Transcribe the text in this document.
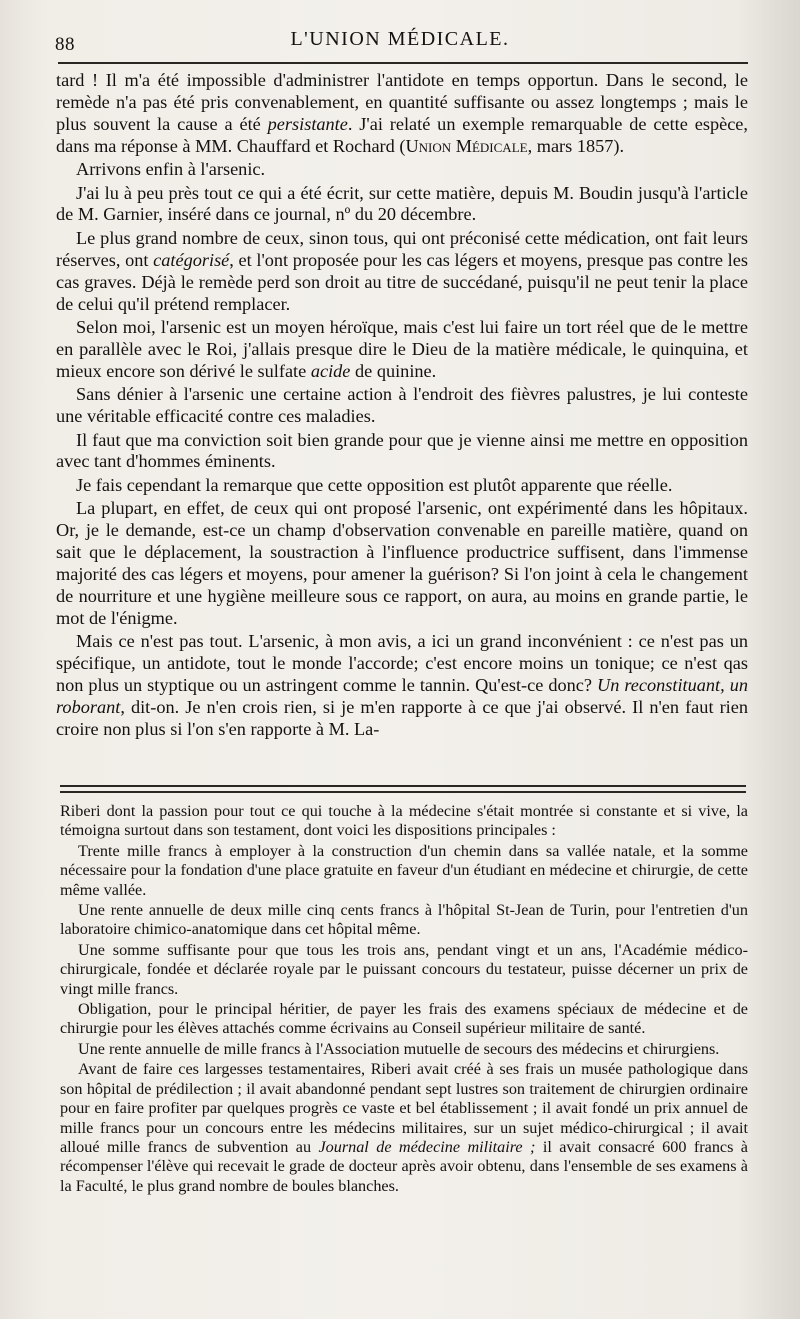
88	L'UNION MÉDICALE.

tard ! Il m'a été impossible d'administrer l'antidote en temps opportun. Dans le second, le remède n'a pas été pris convenablement, en quantité suffisante ou assez longtemps ; mais le plus souvent la cause a été persistante. J'ai relaté un exemple remarquable de cette espèce, dans ma réponse à MM. Chauffard et Rochard (Union Médicale, mars 1857).

Arrivons enfin à l'arsenic.

J'ai lu à peu près tout ce qui a été écrit, sur cette matière, depuis M. Boudin jusqu'à l'article de M. Garnier, inséré dans ce journal, nº du 20 décembre.

Le plus grand nombre de ceux, sinon tous, qui ont préconisé cette médication, ont fait leurs réserves, ont catégorisé, et l'ont proposée pour les cas légers et moyens, presque pas contre les cas graves. Déjà le remède perd son droit au titre de succédané, puisqu'il ne peut tenir la place de celui qu'il prétend remplacer.

Selon moi, l'arsenic est un moyen héroïque, mais c'est lui faire un tort réel que de le mettre en parallèle avec le Roi, j'allais presque dire le Dieu de la matière médicale, le quinquina, et mieux encore son dérivé le sulfate acide de quinine.

Sans dénier à l'arsenic une certaine action à l'endroit des fièvres palustres, je lui conteste une véritable efficacité contre ces maladies.

Il faut que ma conviction soit bien grande pour que je vienne ainsi me mettre en opposition avec tant d'hommes éminents.

Je fais cependant la remarque que cette opposition est plutôt apparente que réelle.

La plupart, en effet, de ceux qui ont proposé l'arsenic, ont expérimenté dans les hôpitaux. Or, je le demande, est-ce un champ d'observation convenable en pareille matière, quand on sait que le déplacement, la soustraction à l'influence productrice suffisent, dans l'immense majorité des cas légers et moyens, pour amener la guérison? Si l'on joint à cela le changement de nourriture et une hygiène meilleure sous ce rapport, on aura, au moins en grande partie, le mot de l'énigme.

Mais ce n'est pas tout. L'arsenic, à mon avis, a ici un grand inconvénient : ce n'est pas un spécifique, un antidote, tout le monde l'accorde; c'est encore moins un tonique; ce n'est qas non plus un styptique ou un astringent comme le tannin. Qu'est-ce donc? Un reconstituant, un roborant, dit-on. Je n'en crois rien, si je m'en rapporte à ce que j'ai observé. Il n'en faut rien croire non plus si l'on s'en rapporte à M. La-

Riberi dont la passion pour tout ce qui touche à la médecine s'était montrée si constante et si vive, la témoigna surtout dans son testament, dont voici les dispositions principales :

Trente mille francs à employer à la construction d'un chemin dans sa vallée natale, et la somme nécessaire pour la fondation d'une place gratuite en faveur d'un étudiant en médecine et chirurgie, de cette même vallée.

Une rente annuelle de deux mille cinq cents francs à l'hôpital St-Jean de Turin, pour l'entretien d'un laboratoire chimico-anatomique dans cet hôpital même.

Une somme suffisante pour que tous les trois ans, pendant vingt et un ans, l'Académie médico-chirurgicale, fondée et déclarée royale par le puissant concours du testateur, puisse décerner un prix de vingt mille francs.

Obligation, pour le principal héritier, de payer les frais des examens spéciaux de médecine et de chirurgie pour les élèves attachés comme écrivains au Conseil supérieur militaire de santé.

Une rente annuelle de mille francs à l'Association mutuelle de secours des médecins et chirurgiens.

Avant de faire ces largesses testamentaires, Riberi avait créé à ses frais un musée pathologique dans son hôpital de prédilection ; il avait abandonné pendant sept lustres son traitement de chirurgien ordinaire pour en faire profiter par quelques progrès ce vaste et bel établissement ; il avait fondé un prix annuel de mille francs pour un concours entre les médecins militaires, sur un sujet médico-chirurgical ; il avait alloué mille francs de subvention au Journal de médecine militaire ; il avait consacré 600 francs à récompenser l'élève qui recevait le grade de docteur après avoir obtenu, dans l'ensemble de ses examens à la Faculté, le plus grand nombre de boules blanches.
